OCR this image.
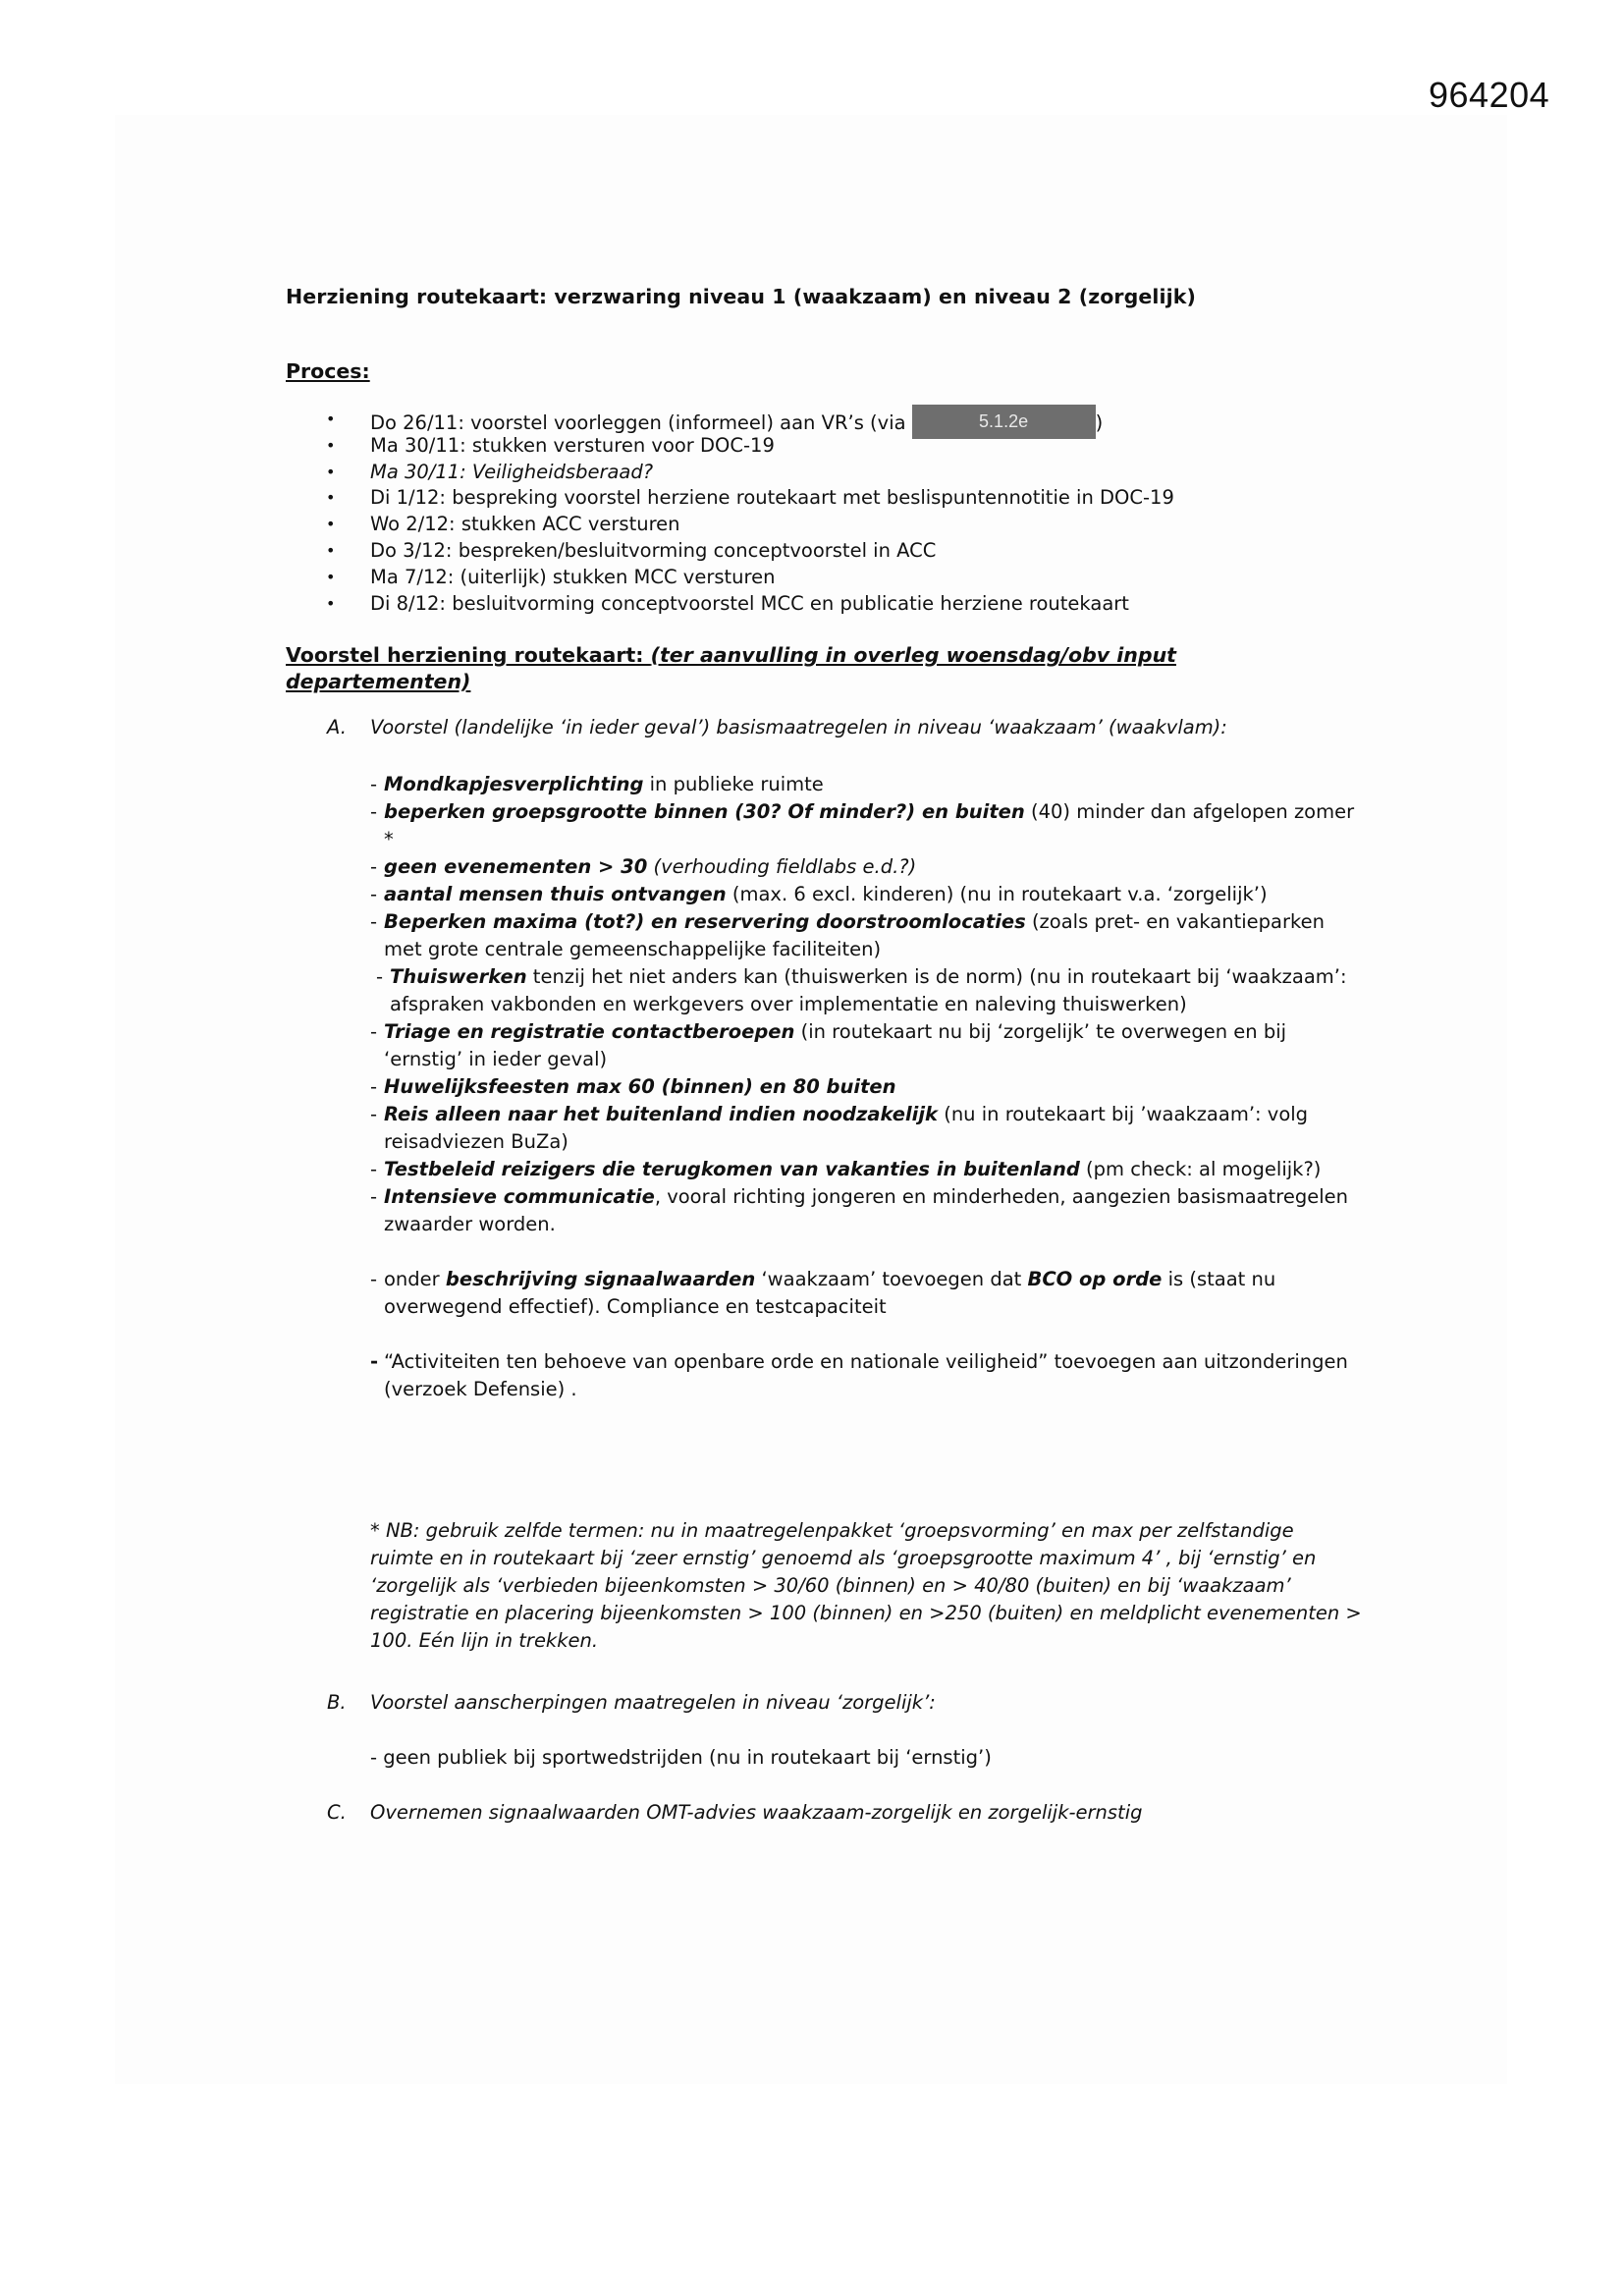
964204
Herziening routekaart: verzwaring niveau 1 (waakzaam) en niveau 2 (zorgelijk)
Proces:
• Do 26/11: voorstel voorleggen (informeel) aan VR’s (via	5.1.2e	)
• Ma 30/11: stukken versturen voor DOC-19
• Ma 30/11: Veiligheidsberaad?
• Di 1/12: bespreking voorstel herziene routekaart met beslispuntennotitie in DOC-19
• Wo 2/12: stukken ACC versturen
• Do 3/12: bespreken/besluitvorming conceptvoorstel in ACC
• Ma 7/12: (uiterlijk) stukken MCC versturen
• Di 8/12: besluitvorming conceptvoorstel MCC en publicatie herziene routekaart
Voorstel herziening routekaart: (ter aanvulling in overleg woensdag/obv input departementen)
A. Voorstel (landelijke ‘in ieder geval’) basismaatregelen in niveau ‘waakzaam’ (waakvlam):
- Mondkapjesverplichting in publieke ruimte
- beperken groepsgrootte binnen (30? Of minder?) en buiten (40) minder dan afgelopen zomer *
- geen evenementen > 30 (verhouding fieldlabs e.d.?)
- aantal mensen thuis ontvangen (max. 6 excl. kinderen) (nu in routekaart v.a. ‘zorgelijk’)
- Beperken maxima (tot?) en reservering doorstroomlocaties (zoals pret- en vakantieparken met grote centrale gemeenschappelijke faciliteiten)
- Thuiswerken tenzij het niet anders kan (thuiswerken is de norm) (nu in routekaart bij ‘waakzaam’: afspraken vakbonden en werkgevers over implementatie en naleving thuiswerken)
- Triage en registratie contactberoepen (in routekaart nu bij ‘zorgelijk’ te overwegen en bij ‘ernstig’ in ieder geval)
- Huwelijksfeesten max 60 (binnen) en 80 buiten
- Reis alleen naar het buitenland indien noodzakelijk (nu in routekaart bij ’waakzaam’: volg reisadviezen BuZa)
- Testbeleid reizigers die terugkomen van vakanties in buitenland (pm check: al mogelijk?)
- Intensieve communicatie, vooral richting jongeren en minderheden, aangezien basismaatregelen zwaarder worden.
- onder beschrijving signaalwaarden ‘waakzaam’ toevoegen dat BCO op orde is (staat nu overwegend effectief). Compliance en testcapaciteit
- “Activiteiten ten behoeve van openbare orde en nationale veiligheid” toevoegen aan uitzonderingen (verzoek Defensie) .
* NB: gebruik zelfde termen: nu in maatregelenpakket ‘groepsvorming’ en max per zelfstandige ruimte en in routekaart bij ‘zeer ernstig’ genoemd als ‘groepsgrootte maximum 4’ , bij ‘ernstig’ en ‘zorgelijk als ‘verbieden bijeenkomsten > 30/60 (binnen) en > 40/80 (buiten) en bij ‘waakzaam’ registratie en placering bijeenkomsten > 100 (binnen) en >250 (buiten) en meldplicht evenementen > 100. Eén lijn in trekken.
B. Voorstel aanscherpingen maatregelen in niveau ‘zorgelijk’:
- geen publiek bij sportwedstrijden (nu in routekaart bij ‘ernstig’)
C. Overnemen signaalwaarden OMT-advies waakzaam-zorgelijk en zorgelijk-ernstig
